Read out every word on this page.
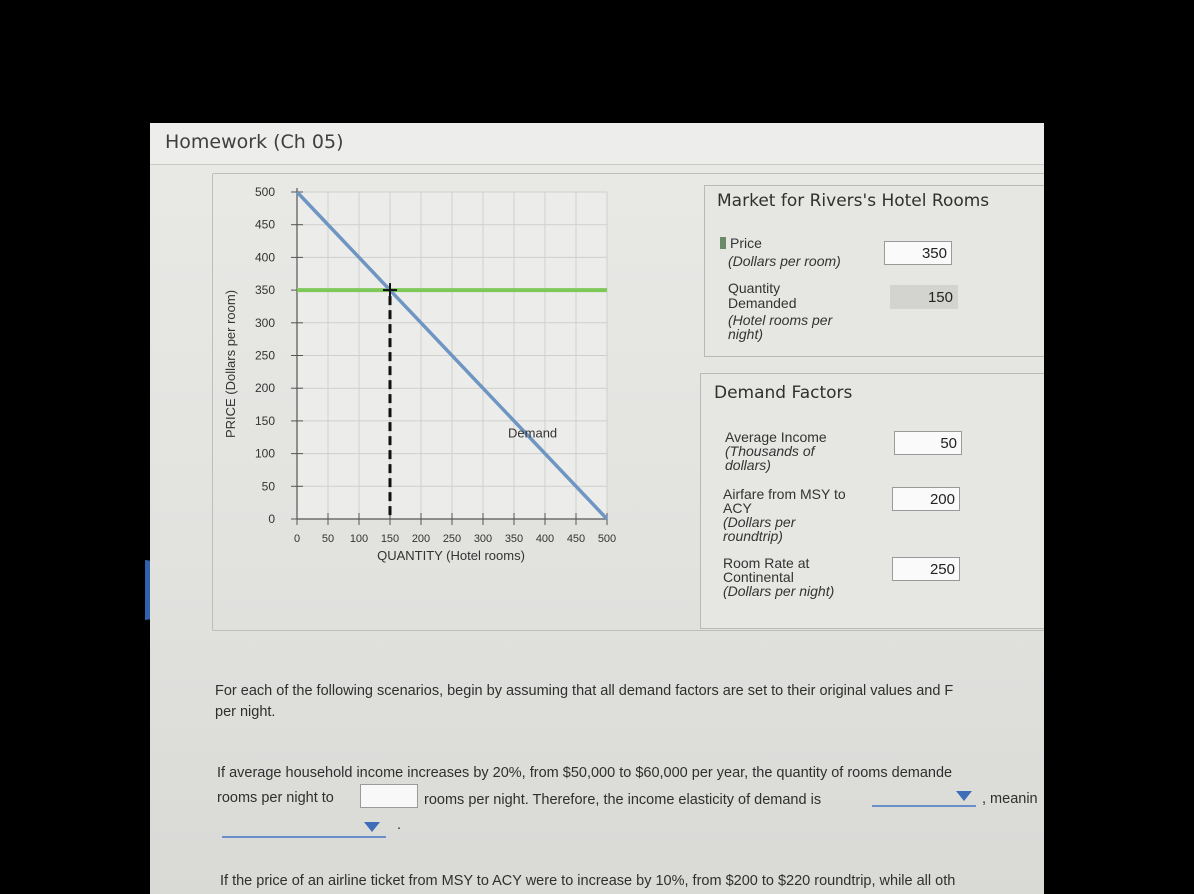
Homework (Ch 05)
0
50
100
150
200
250
300
350
400
450
500
0 50 100 150 200 250 300 350 400 450 500
Demand
PRICE (Dollars per room)
QUANTITY (Hotel rooms)
Market for Rivers's Hotel Rooms
Price
(Dollars per room)	350
Quantity
Demanded
(Hotel rooms per
night)
150
Demand Factors
Average Income
(Thousands of
dollars)
50
Airfare from MSY to
ACY
(Dollars per
roundtrip)
200
Room Rate at
Continental
(Dollars per night)
250
For each of the following scenarios, begin by assuming that all demand factors are set to their original values and F
per night.
If average household income increases by 20%, from $50,000 to $60,000 per year, the quantity of rooms demande
rooms per night to	rooms per night. Therefore, the income elasticity of demand is	, meanin
.
If the price of an airline ticket from MSY to ACY were to increase by 10%, from $200 to $220 roundtrip, while all oth
